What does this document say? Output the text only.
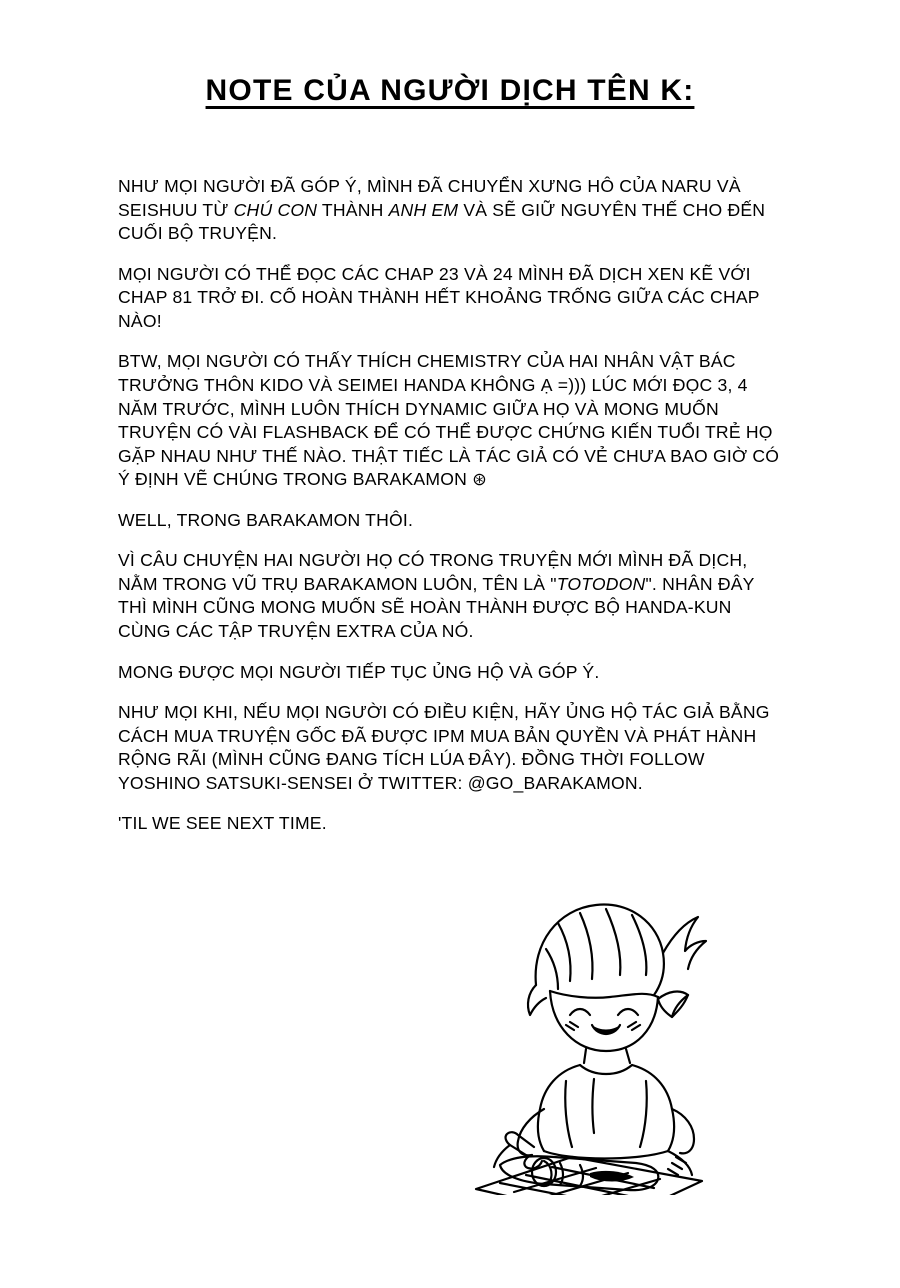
NOTE CỦA NGƯỜI DỊCH TÊN K:

NHƯ MỌI NGƯỜI ĐÃ GÓP Ý, MÌNH ĐÃ CHUYỂN XƯNG HÔ CỦA NARU VÀ SEISHUU TỪ CHÚ CON THÀNH ANH EM VÀ SẼ GIỮ NGUYÊN THẾ CHO ĐẾN CUỐI BỘ TRUYỆN.

MỌI NGƯỜI CÓ THỂ ĐỌC CÁC CHAP 23 VÀ 24 MÌNH ĐÃ DỊCH XEN KẼ VỚI CHAP 81 TRỞ ĐI. CỐ HOÀN THÀNH HẾT KHOẢNG TRỐNG GIỮA CÁC CHAP NÀO!

BTW, MỌI NGƯỜI CÓ THẤY THÍCH CHEMISTRY CỦA HAI NHÂN VẬT BÁC TRƯỞNG THÔN KIDO VÀ SEIMEI HANDA KHÔNG Ạ =))) LÚC MỚI ĐỌC 3, 4 NĂM TRƯỚC, MÌNH LUÔN THÍCH DYNAMIC GIỮA HỌ VÀ MONG MUỐN TRUYỆN CÓ VÀI FLASHBACK ĐỂ CÓ THỂ ĐƯỢC CHỨNG KIẾN TUỔI TRẺ HỌ GẶP NHAU NHƯ THẾ NÀO. THẬT TIẾC LÀ TÁC GIẢ CÓ VẺ CHƯA BAO GIỜ CÓ Ý ĐỊNH VẼ CHÚNG TRONG BARAKAMON ⊛

WELL, TRONG BARAKAMON THÔI.

VÌ CÂU CHUYỆN HAI NGƯỜI HỌ CÓ TRONG TRUYỆN MỚI MÌNH ĐÃ DỊCH, NẰM TRONG VŨ TRỤ BARAKAMON LUÔN, TÊN LÀ "TOTODON". NHÂN ĐÂY THÌ MÌNH CŨNG MONG MUỐN SẼ HOÀN THÀNH ĐƯỢC BỘ HANDA-KUN CÙNG CÁC TẬP TRUYỆN EXTRA CỦA NÓ.

MONG ĐƯỢC MỌI NGƯỜI TIẾP TỤC ỦNG HỘ VÀ GÓP Ý.

NHƯ MỌI KHI, NẾU MỌI NGƯỜI CÓ ĐIỀU KIỆN, HÃY ỦNG HỘ TÁC GIẢ BẰNG CÁCH MUA TRUYỆN GỐC ĐÃ ĐƯỢC IPM MUA BẢN QUYỀN VÀ PHÁT HÀNH RỘNG RÃI (MÌNH CŨNG ĐANG TÍCH LÚA ĐÂY). ĐỒNG THỜI FOLLOW YOSHINO SATSUKI-SENSEI Ở TWITTER: @GO_BARAKAMON.

'TIL WE SEE NEXT TIME.
